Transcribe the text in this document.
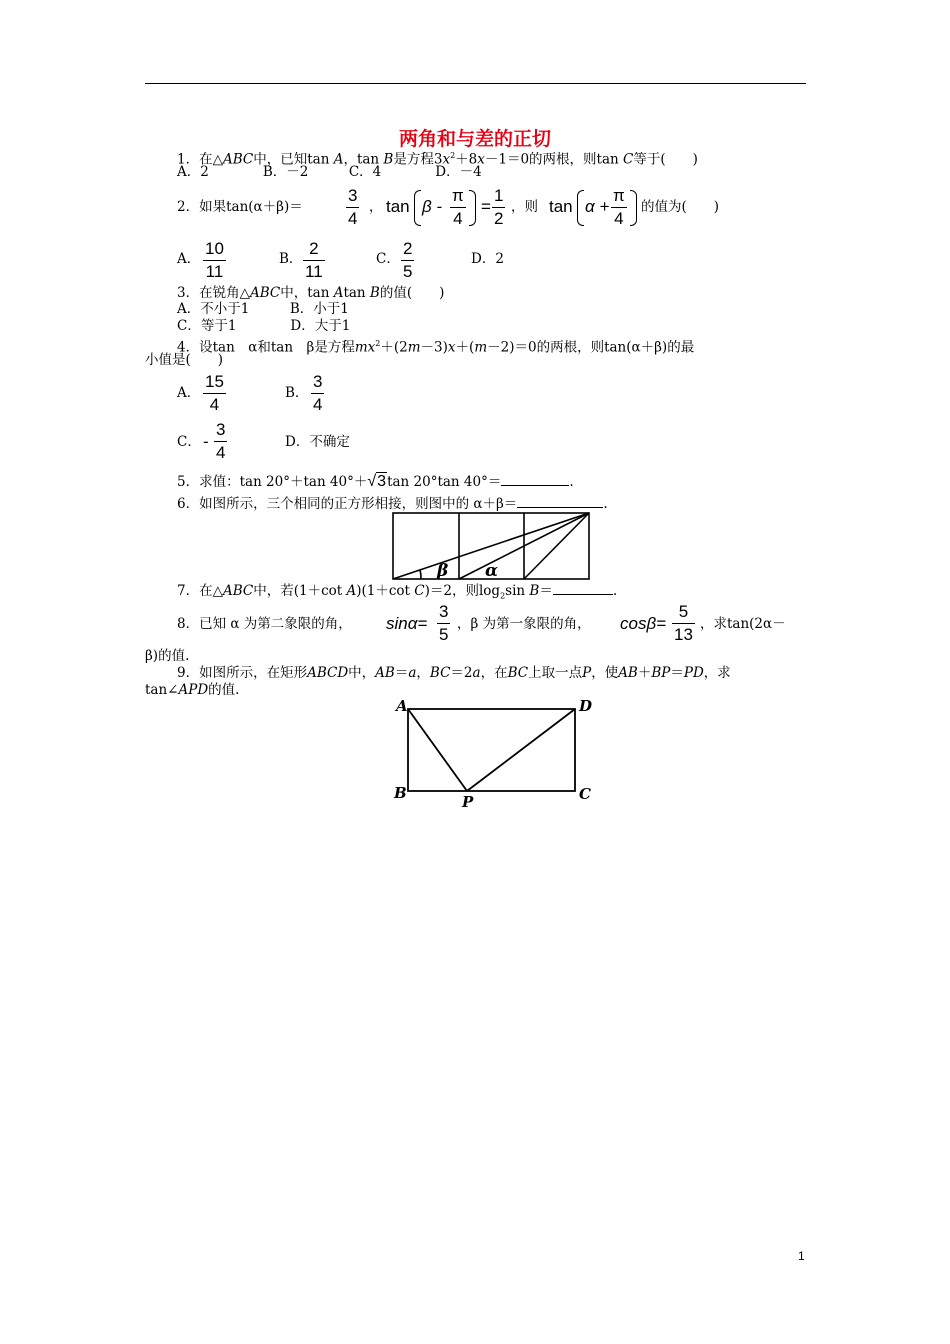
两角和与差的正切
1．在△ABC中，已知tan A，tan B是方程$3x^2+8x-1=0$的两根，则tan C等于(　　)
A．2　　　　B．－2　　　C．4　　　　D．－4
2．如果tan(α＋β)＝
3
4
， tan β -
π
4
=
1
2
，则 tan α +
π
4
的值为(　　)
A．
10
11
B．
2
11
C．
2
5
D．2
3．在锐角△ABC中，tan Atan B的值(　　)
A．不小于1　　　B．小于1
C．等于1　　　　D．大于1
4．设tan　α和tan　β是方程$mx^2+(2m-3)x+(m-2)=0$的两根，则tan(α＋β)的最
小值是(　　)
A．
15
4
B．
3
4
C． -
3
4
D．不确定
5．求值：tan 20°＋tan 40°＋√3tan 20°tan 40°＝	.
6．如图所示，三个相同的正方形相接，则图中的 α＋β＝	.
β α
7．在△ABC中，若(1＋cot A)(1＋cot C)＝2，则$\log_2\sin$ B＝	.
8．已知 α 为第二象限的角， sinα=
3
5
，β 为第一象限的角， cosβ=
5
13
，求tan(2α－
β)的值.
9．如图所示，在矩形ABCD中，AB＝a，BC＝2a，在BC上取一点P，使AB＋BP＝PD，求
tan∠APD的值.
A
B	C
D
P
1
